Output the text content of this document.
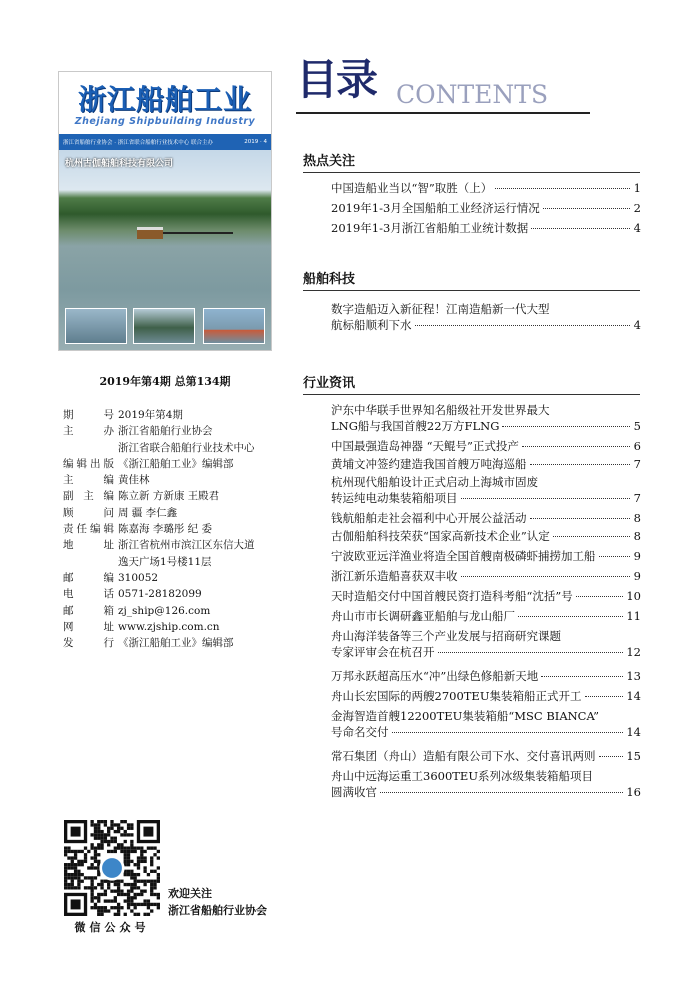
浙江船舶工业
Zhejiang Shipbuilding Industry
浙江省船舶行业协会 · 浙江省联合船舶行业技术中心 联合主办	2019 · 4
杭州古伽船舶科技有限公司
2019年第4期 总第134期
期号 2019年第4期
主办 浙江省船舶行业协会

浙江省联合船舶行业技术中心
编辑出版 《浙江船舶工业》编辑部
主编 黄佳林
副主编 陈立新 方新康 王殿君
顾问 周 疆 李仁鑫
责任编辑 陈嘉海 李璐彤 纪 委
地址 浙江省杭州市滨江区东信大道

逸天广场1号楼11层
邮编 310052
电话 0571-28182099
邮箱 zj_ship@126.com
网址 www.zjship.com.cn
发行 《浙江船舶工业》编辑部
微信公众号
欢迎关注
浙江省船舶行业协会
目录 CONTENTS
热点关注
中国造船业当以“智”取胜（上）	1
2019年1-3月全国船舶工业经济运行情况	2
2019年1-3月浙江省船舶工业统计数据	4
船舶科技
数字造船迈入新征程！江南造船新一代大型
航标船顺利下水	4
行业资讯
沪东中华联手世界知名船级社开发世界最大
LNG船与我国首艘22万方FLNG	5
中国最强造岛神器 “天鲲号”正式投产	6
黄埔文冲签约建造我国首艘万吨海巡船	7
杭州现代船舶设计正式启动上海城市固废
转运纯电动集装箱船项目	7
钱航船舶走社会福利中心开展公益活动	8
古伽船舶科技荣获“国家高新技术企业”认定	8
宁波欧亚远洋渔业将造全国首艘南极磷虾捕捞加工船	9
浙江新乐造船喜获双丰收	9
天时造船交付中国首艘民资打造科考船“沈括”号	10
舟山市市长调研鑫亚船舶与龙山船厂	11
舟山海洋装备等三个产业发展与招商研究课题
专家评审会在杭召开	12
万邦永跃超高压水“冲”出绿色修船新天地	13
舟山长宏国际的两艘2700TEU集装箱船正式开工	14
金海智造首艘12200TEU集装箱船“MSC BIANCA”
号命名交付	14
常石集团（舟山）造船有限公司下水、交付喜讯两则	15
舟山中远海运重工3600TEU系列冰级集装箱船项目
圆满收官	16
